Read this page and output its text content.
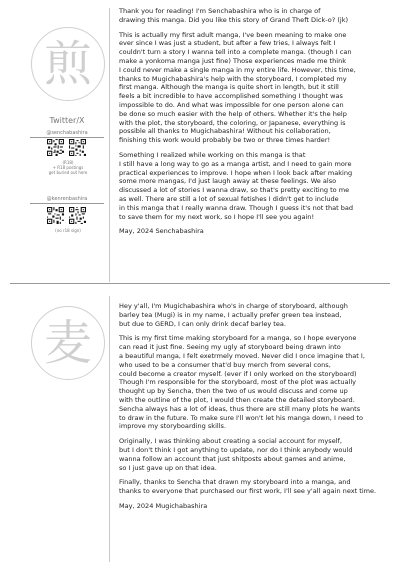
煎
Twitter/X
@senchabashira
(R18)
+ R18 postings
get buried out here
@kenrenbashira
(no r18 sign)

Thank you for reading! I'm Senchabashira who is in charge of
drawing this manga. Did you like this story of Grand Theft Dick-o? (jk)

This is actually my first adult manga, I've been meaning to make one
ever since I was just a student, but after a few tries, I always felt I
couldn't turn a story I wanna tell into a complete manga. (though I can
make a yonkoma manga just fine) Those experiences made me think
I could never make a single manga in my entire life. However, this time,
thanks to Mugichabashira's help with the storyboard, I completed my
first manga. Although the manga is quite short in length, but it still
feels a bit incredible to have accomplished something I thought was
impossible to do. And what was impossible for one person alone can
be done so much easier with the help of others. Whether it's the help
with the plot, the storyboard, the coloring, or Japanese, everything is
possible all thanks to Mugichabashira! Without his collaboration,
finishing this work would probably be two or three times harder!

Something I realized while working on this manga is that
I still have a long way to go as a manga artist, and I need to gain more
practical experiences to improve. I hope when I look back after making
some more mangas, I'd just laugh away at these feelings. We also
discussed a lot of stories I wanna draw, so that's pretty exciting to me
as well. There are still a lot of sexual fetishes I didn't get to include
in this manga that I really wanna draw. Though I guess it's not that bad
to save them for my next work, so I hope I'll see you again!

May, 2024 Senchabashira

麦

Hey y'all, I'm Mugichabashira who's in charge of storyboard, although
barley tea (Mugi) is in my name, I actually prefer green tea instead,
but due to GERD, I can only drink decaf barley tea.

This is my first time making storyboard for a manga, so I hope everyone
can read it just fine. Seeing my ugly af storyboard being drawn into
a beautiful manga, I felt exetrmely moved. Never did I once imagine that I,
who used to be a consumer that'd buy merch from several cons,
could become a creator myself. (ever if I only worked on the storyboard)
Though I'm responsible for the storyboard, most of the plot was actually
thought up by Sencha, then the two of us would discuss and come up
with the outline of the plot, I would then create the detailed storyboard.
Sencha always has a lot of ideas, thus there are still many plots he wants
to draw in the future. To make sure I'll won't let his manga down, I need to
improve my storyboarding skills.

Originally, I was thinking about creating a social account for myself,
but I don't think I got anything to update, nor do I think anybody would
wanna follow an account that just shitposts about games and anime,
so I just gave up on that idea.

Finally, thanks to Sencha that drawn my storyboard into a manga, and
thanks to everyone that purchased our first work, I'll see y'all again next time.

May, 2024 Mugichabashira
